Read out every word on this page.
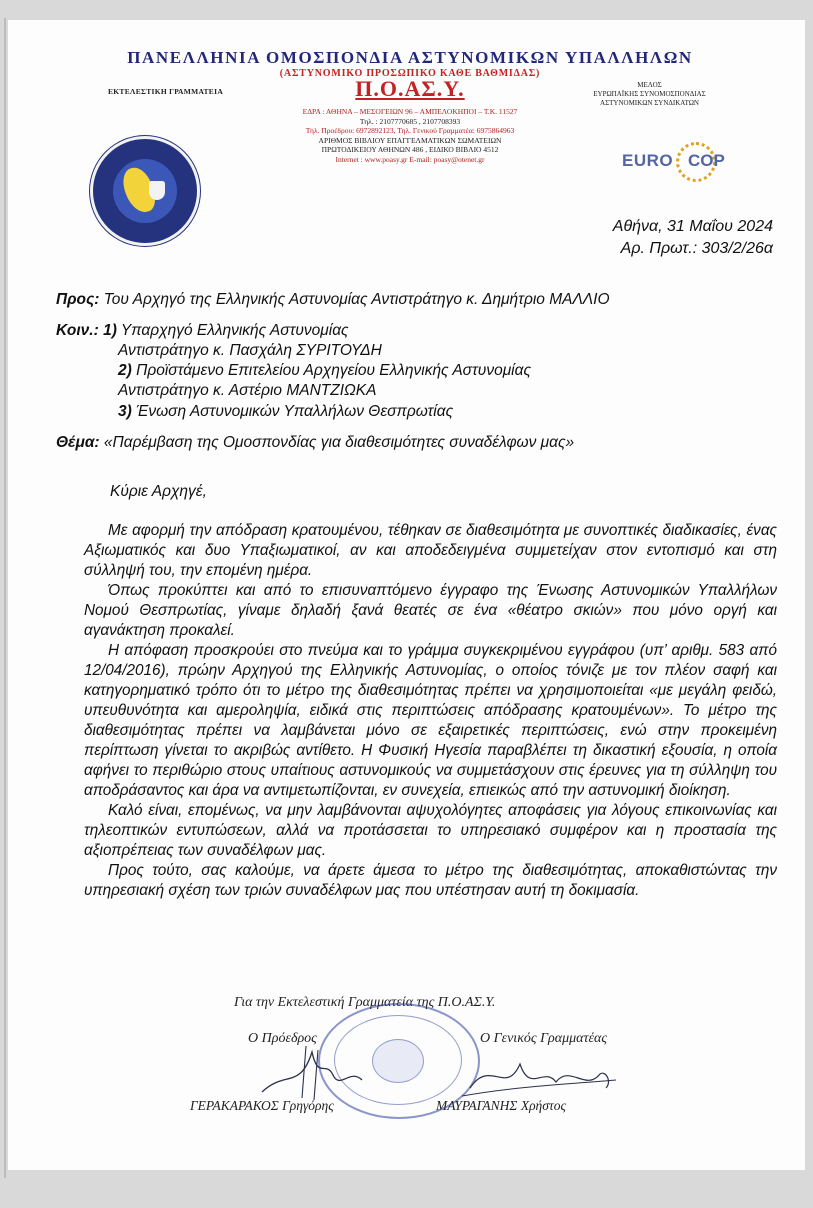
ΠΑΝΕΛΛΗΝΙΑ ΟΜΟΣΠΟΝΔΙΑ ΑΣΤΥΝΟΜΙΚΩΝ ΥΠΑΛΛΗΛΩΝ
(ΑΣΤΥΝΟΜΙΚΟ ΠΡΟΣΩΠΙΚΟ ΚΑΘΕ ΒΑΘΜΙΔΑΣ)
ΕΚΤΕΛΕΣΤΙΚΗ ΓΡΑΜΜΑΤΕΙΑ	Π.Ο.ΑΣ.Υ.	ΜΕΛΟΣ
ΕΥΡΩΠΑΪΚΗΣ ΣΥΝΟΜΟΣΠΟΝΔΙΑΣ
ΑΣΤΥΝΟΜΙΚΩΝ ΣΥΝΔΙΚΑΤΩΝ
ΕΔΡΑ : ΑΘΗΝΑ – ΜΕΣΟΓΕΙΩΝ 96 – ΑΜΠΕΛΟΚΗΠΟΙ – Τ.Κ. 11527
Τηλ. : 2107770685 , 2107708393
Τηλ. Προέδρου: 6972892123, Τηλ. Γενικού Γραμματέα: 6975864963
ΑΡΙΘΜΟΣ ΒΙΒΛΙΟΥ ΕΠΑΓΓΕΛΜΑΤΙΚΩΝ ΣΩΜΑΤΕΙΩΝ
ΠΡΩΤΟΔΙΚΕΙΟΥ ΑΘΗΝΩΝ 486 , ΕΙΔΙΚΟ ΒΙΒΛΙΟ 4512
Internet : www.poasy.gr E-mail: poasy@otenet.gr	EURO COP
Αθήνα, 31 Μαΐου 2024
Αρ. Πρωτ.: 303/2/26α
Προς: Του Αρχηγό της Ελληνικής Αστυνομίας Αντιστράτηγο κ. Δημήτριο ΜΑΛΛΙΟ
Κοιν.: 1) Υπαρχηγό Ελληνικής Αστυνομίας
Αντιστράτηγο κ. Πασχάλη ΣΥΡΙΤΟΥΔΗ
2) Προϊστάμενο Επιτελείου Αρχηγείου Ελληνικής Αστυνομίας
Αντιστράτηγο κ. Αστέριο ΜΑΝΤΖΙΩΚΑ
3) Ένωση Αστυνομικών Υπαλλήλων Θεσπρωτίας
Θέμα: «Παρέμβαση της Ομοσπονδίας για διαθεσιμότητες συναδέλφων μας»
Κύριε Αρχηγέ,

Με αφορμή την απόδραση κρατουμένου, τέθηκαν σε διαθεσιμότητα με συνοπτικές διαδικασίες, ένας Αξιωματικός και δυο Υπαξιωματικοί, αν και αποδεδειγμένα συμμετείχαν στον εντοπισμό και στη σύλληψή του, την επομένη ημέρα.

Όπως προκύπτει και από το επισυναπτόμενο έγγραφο της Ένωσης Αστυνομικών Υπαλλήλων Νομού Θεσπρωτίας, γίναμε δηλαδή ξανά θεατές σε ένα «θέατρο σκιών» που μόνο οργή και αγανάκτηση προκαλεί.

Η απόφαση προσκρούει στο πνεύμα και το γράμμα συγκεκριμένου εγγράφου (υπ’ αριθμ. 583 από 12/04/2016), πρώην Αρχηγού της Ελληνικής Αστυνομίας, ο οποίος τόνιζε με τον πλέον σαφή και κατηγορηματικό τρόπο ότι το μέτρο της διαθεσιμότητας πρέπει να χρησιμοποιείται «με μεγάλη φειδώ, υπευθυνότητα και αμεροληψία, ειδικά στις περιπτώσεις απόδρασης κρατουμένων». Το μέτρο της διαθεσιμότητας πρέπει να λαμβάνεται μόνο σε εξαιρετικές περιπτώσεις, ενώ στην προκειμένη περίπτωση γίνεται το ακριβώς αντίθετο. Η Φυσική Ηγεσία παραβλέπει τη δικαστική εξουσία, η οποία αφήνει το περιθώριο στους υπαίτιους αστυνομικούς να συμμετάσχουν στις έρευνες για τη σύλληψη του αποδράσαντος και άρα να αντιμετωπίζονται, εν συνεχεία, επιεικώς από την αστυνομική διοίκηση.

Καλό είναι, επομένως, να μην λαμβάνονται αψυχολόγητες αποφάσεις για λόγους επικοινωνίας και τηλεοπτικών εντυπώσεων, αλλά να προτάσσεται το υπηρεσιακό συμφέρον και η προστασία της αξιοπρέπειας των συναδέλφων μας.

Προς τούτο, σας καλούμε, να άρετε άμεσα το μέτρο της διαθεσιμότητας, αποκαθιστώντας την υπηρεσιακή σχέση των τριών συναδέλφων μας που υπέστησαν αυτή τη δοκιμασία.

Για την Εκτελεστική Γραμματεία της Π.Ο.ΑΣ.Υ.
Ο Πρόεδρος	Ο Γενικός Γραμματέας
ΓΕΡΑΚΑΡΑΚΟΣ Γρηγόρης	ΜΑΥΡΑΓΑΝΗΣ Χρήστος
